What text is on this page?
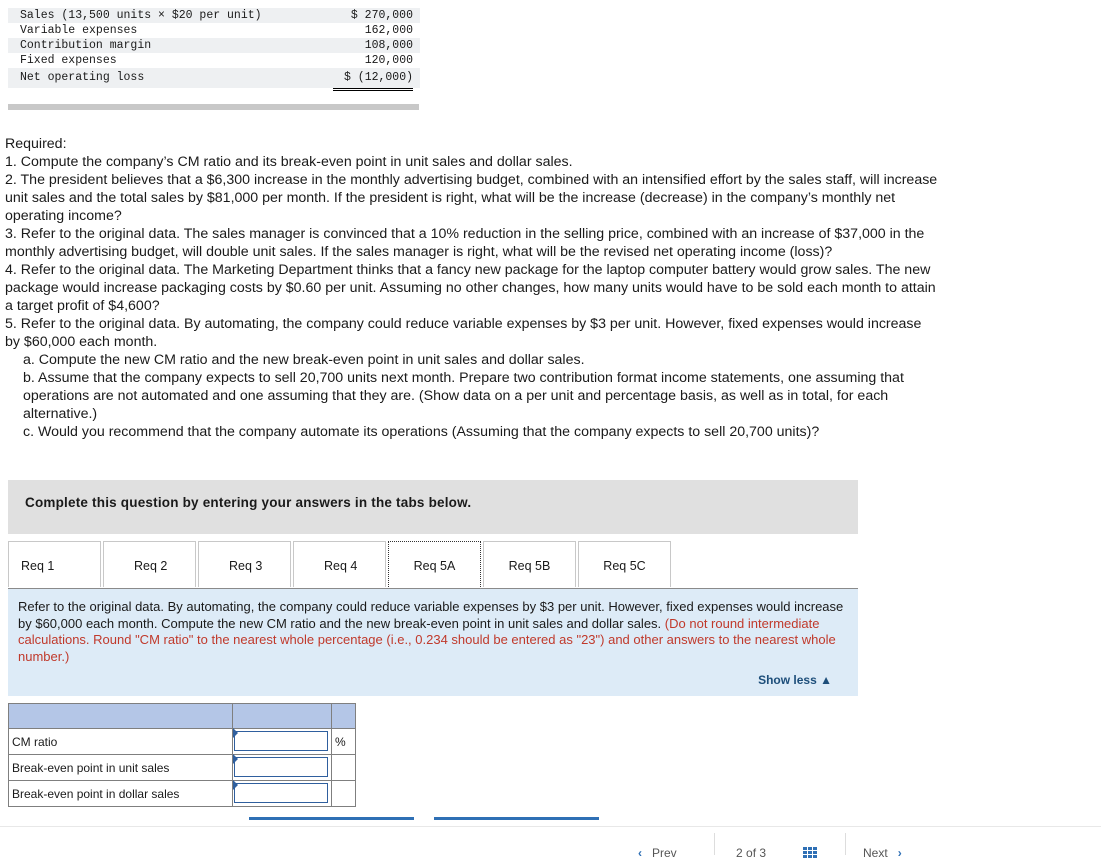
Sales (13,500 units × $20 per unit)	$ 270,000
Variable expenses	162,000
Contribution margin	108,000
Fixed expenses	120,000
Net operating loss	$ (12,000)

Required:

1. Compute the company’s CM ratio and its break-even point in unit sales and dollar sales.

2. The president believes that a $6,300 increase in the monthly advertising budget, combined with an intensified effort by the sales staff, will increase unit sales and the total sales by $81,000 per month. If the president is right, what will be the increase (decrease) in the company’s monthly net operating income?

3. Refer to the original data. The sales manager is convinced that a 10% reduction in the selling price, combined with an increase of $37,000 in the monthly advertising budget, will double unit sales. If the sales manager is right, what will be the revised net operating income (loss)?

4. Refer to the original data. The Marketing Department thinks that a fancy new package for the laptop computer battery would grow sales. The new package would increase packaging costs by $0.60 per unit. Assuming no other changes, how many units would have to be sold each month to attain a target profit of $4,600?

5. Refer to the original data. By automating, the company could reduce variable expenses by $3 per unit. However, fixed expenses would increase by $60,000 each month.

a. Compute the new CM ratio and the new break-even point in unit sales and dollar sales.

b. Assume that the company expects to sell 20,700 units next month. Prepare two contribution format income statements, one assuming that operations are not automated and one assuming that they are. (Show data on a per unit and percentage basis, as well as in total, for each alternative.)

c. Would you recommend that the company automate its operations (Assuming that the company expects to sell 20,700 units)?

Complete this question by entering your answers in the tabs below.
Req 1	Req 2	Req 3	Req 4	Req 5A	Req 5B	Req 5C
Refer to the original data. By automating, the company could reduce variable expenses by $3 per unit. However, fixed expenses would increase by $60,000 each month. Compute the new CM ratio and the new break-even point in unit sales and dollar sales. (Do not round intermediate calculations. Round "CM ratio" to the nearest whole percentage (i.e., 0.234 should be entered as "23") and other answers to the nearest whole number.)
Show less ▲

CM ratio		%
Break-even point in unit sales	

Break-even point in dollar sales	

‹ Prev	2 of 3	Next ›
